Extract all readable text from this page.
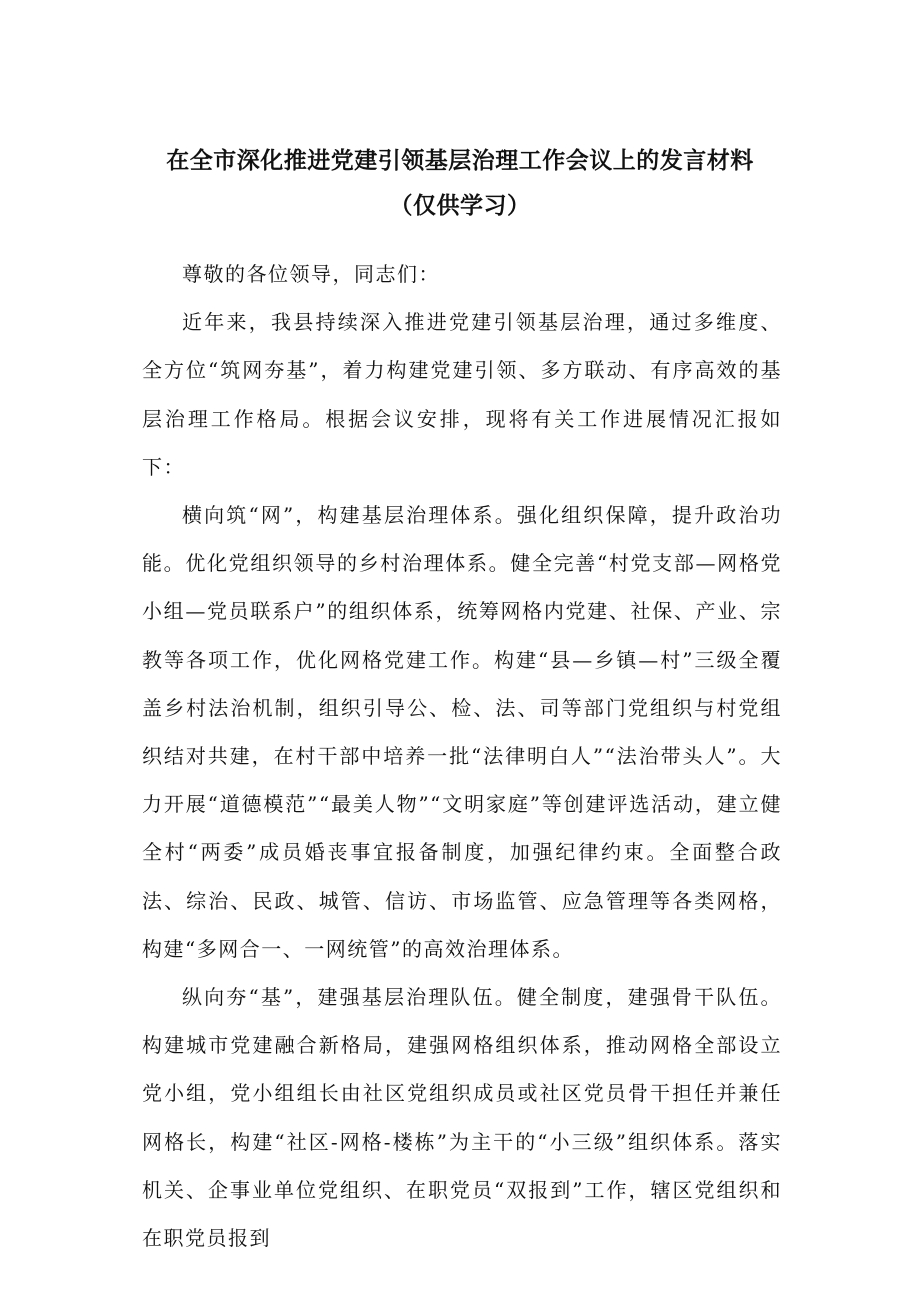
在全市深化推进党建引领基层治理工作会议上的发言材料
（仅供学习）

尊敬的各位领导，同志们：

近年来，我县持续深入推进党建引领基层治理，通过多维度、全方位“筑网夯基”，着力构建党建引领、多方联动、有序高效的基层治理工作格局。根据会议安排，现将有关工作进展情况汇报如下：

横向筑“网”，构建基层治理体系。强化组织保障，提升政治功能。优化党组织领导的乡村治理体系。健全完善“村党支部—网格党小组—党员联系户”的组织体系，统筹网格内党建、社保、产业、宗教等各项工作，优化网格党建工作。构建“县—乡镇—村”三级全覆盖乡村法治机制，组织引导公、检、法、司等部门党组织与村党组织结对共建，在村干部中培养一批“法律明白人”“法治带头人”。大力开展“道德模范”“最美人物”“文明家庭”等创建评选活动，建立健全村“两委”成员婚丧事宜报备制度，加强纪律约束。全面整合政法、综治、民政、城管、信访、市场监管、应急管理等各类网格，构建“多网合一、一网统管”的高效治理体系。

纵向夯“基”，建强基层治理队伍。健全制度，建强骨干队伍。构建城市党建融合新格局，建强网格组织体系，推动网格全部设立党小组，党小组组长由社区党组织成员或社区党员骨干担任并兼任网格长，构建“社区-网格-楼栋”为主干的“小三级”组织体系。落实机关、企事业单位党组织、在职党员“双报到”工作，辖区党组织和在职党员报到
